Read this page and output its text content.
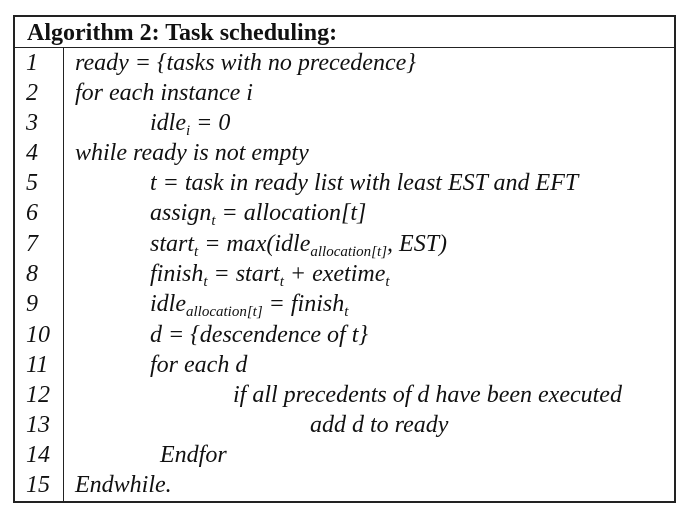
Algorithm 2: Task scheduling:
1 ready = {tasks with no precedence}
2 for each instance i
3	idle$_i$ = 0
4 while ready is not empty
5	t = task in ready list with least EST and EFT
6	assign$_t$ = allocation[t]
7	start$_t$ = max(idle$_{allocation[t]}$, EST)
8	finish$_t$ = start$_t$ + exetime$_t$
9	idle$_{allocation[t]}$ = finish$_t$
10	d = {descendence of t}
11	for each d
12	if all precedents of d have been executed
13	add d to ready
14	Endfor
15 Endwhile.
